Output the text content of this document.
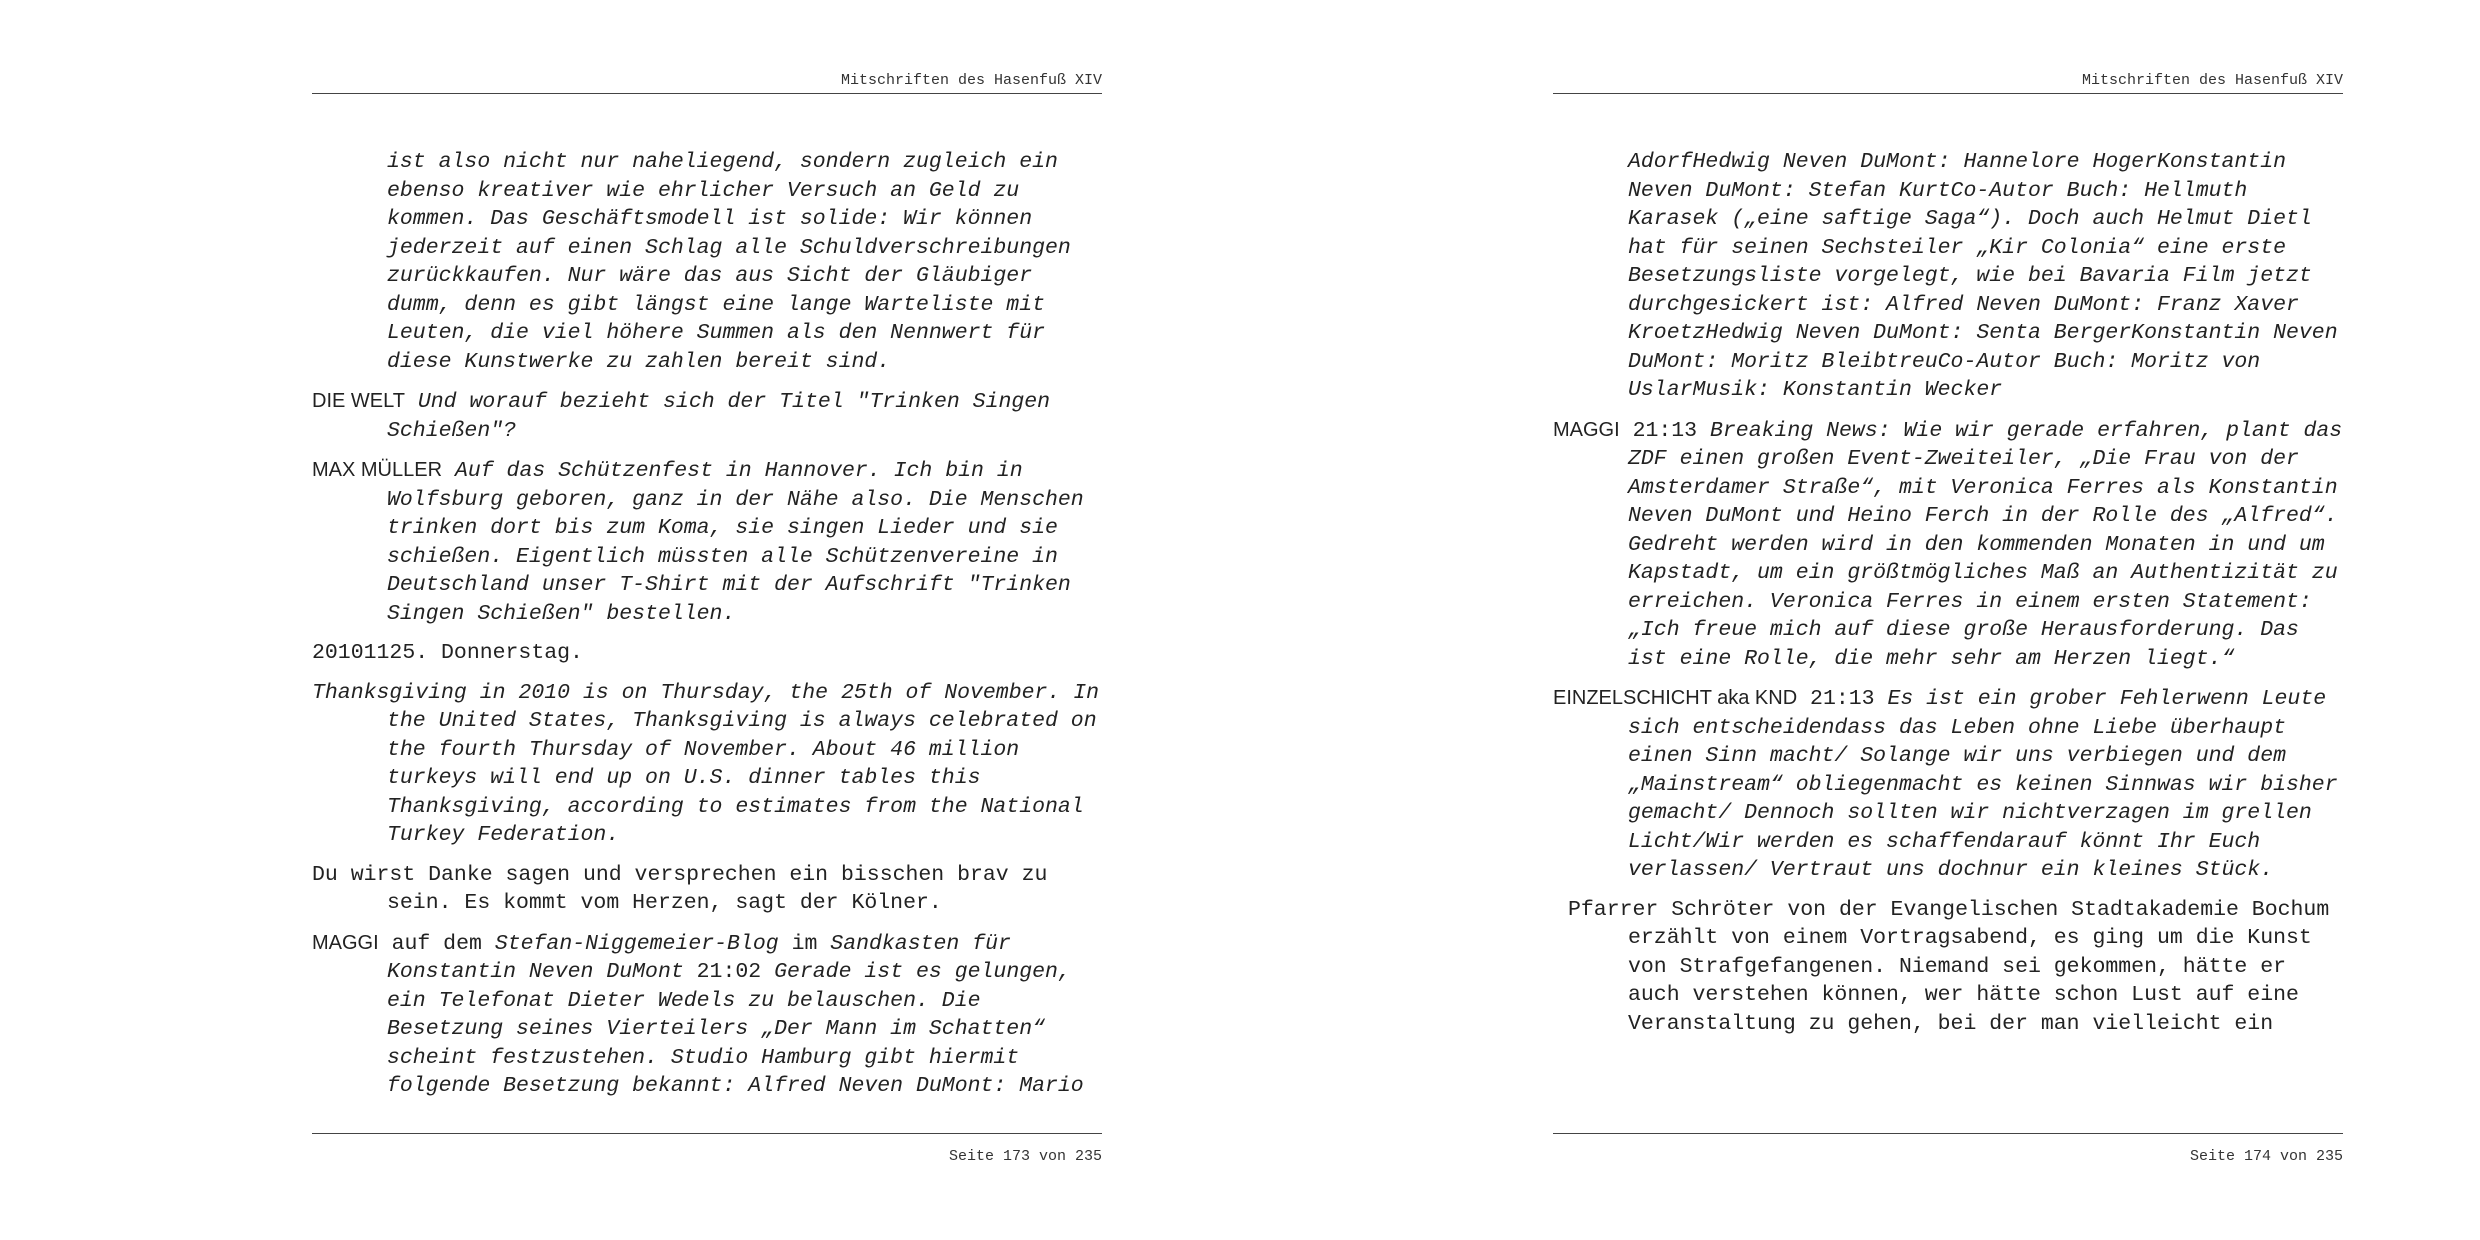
Mitschriften des Hasenfuß XIV

ist also nicht nur naheliegend, sondern zugleich ein ebenso kreativer wie ehrlicher Versuch an Geld zu kommen. Das Geschäftsmodell ist solide: Wir können jederzeit auf einen Schlag alle Schuldverschreibungen zurückkaufen. Nur wäre das aus Sicht der Gläubiger dumm, denn es gibt längst eine lange Warteliste mit Leuten, die viel höhere Summen als den Nennwert für diese Kunstwerke zu zahlen bereit sind.

DIE WELT Und worauf bezieht sich der Titel "Trinken Singen Schießen"?

MAX MÜLLER Auf das Schützenfest in Hannover. Ich bin in Wolfsburg geboren, ganz in der Nähe also. Die Menschen trinken dort bis zum Koma, sie singen Lieder und sie schießen. Eigentlich müssten alle Schützenvereine in Deutschland unser T-Shirt mit der Aufschrift "Trinken Singen Schießen" bestellen.

20101125. Donnerstag.

Thanksgiving in 2010 is on Thursday, the 25th of November. In the United States, Thanksgiving is always celebrated on the fourth Thursday of November. About 46 million turkeys will end up on U.S. dinner tables this Thanksgiving, according to estimates from the National Turkey Federation.

Du wirst Danke sagen und versprechen ein bisschen brav zu sein. Es kommt vom Herzen, sagt der Kölner.

MAGGI auf dem Stefan-Niggemeier-Blog im Sandkasten für Konstantin Neven DuMont 21:02 Gerade ist es gelungen, ein Telefonat Dieter Wedels zu belauschen. Die Besetzung seines Vierteilers „Der Mann im Schatten“ scheint festzustehen. Studio Hamburg gibt hiermit folgende Besetzung bekannt: Alfred Neven DuMont: Mario

Seite 173 von 235
Mitschriften des Hasenfuß XIV

AdorfHedwig Neven DuMont: Hannelore HogerKonstantin Neven DuMont: Stefan KurtCo-Autor Buch: Hellmuth Karasek („eine saftige Saga“). Doch auch Helmut Dietl hat für seinen Sechsteiler „Kir Colonia“ eine erste Besetzungsliste vorgelegt, wie bei Bavaria Film jetzt durchgesickert ist: Alfred Neven DuMont: Franz Xaver KroetzHedwig Neven DuMont: Senta BergerKonstantin Neven DuMont: Moritz BleibtreuCo-Autor Buch: Moritz von UslarMusik: Konstantin Wecker

MAGGI 21:13 Breaking News: Wie wir gerade erfahren, plant das ZDF einen großen Event-Zweiteiler, „Die Frau von der Amsterdamer Straße“, mit Veronica Ferres als Konstantin Neven DuMont und Heino Ferch in der Rolle des „Alfred“. Gedreht werden wird in den kommenden Monaten in und um Kapstadt, um ein größtmögliches Maß an Authentizität zu erreichen. Veronica Ferres in einem ersten Statement: „Ich freue mich auf diese große Herausforderung. Das ist eine Rolle, die mehr sehr am Herzen liegt.“

EINZELSCHICHT aka KND 21:13 Es ist ein grober Fehlerwenn Leute sich entscheidendass das Leben ohne Liebe überhaupt einen Sinn macht/ Solange wir uns verbiegen und dem „Mainstream“ obliegenmacht es keinen Sinnwas wir bisher gemacht/ Dennoch sollten wir nichtverzagen im grellen Licht/Wir werden es schaffendarauf könnt Ihr Euch verlassen/ Vertraut uns dochnur ein kleines Stück.

Pfarrer Schröter von der Evangelischen Stadtakademie Bochum erzählt von einem Vortragsabend, es ging um die Kunst von Strafgefangenen. Niemand sei gekommen, hätte er auch verstehen können, wer hätte schon Lust auf eine Veranstaltung zu gehen, bei der man vielleicht ein

Seite 174 von 235
